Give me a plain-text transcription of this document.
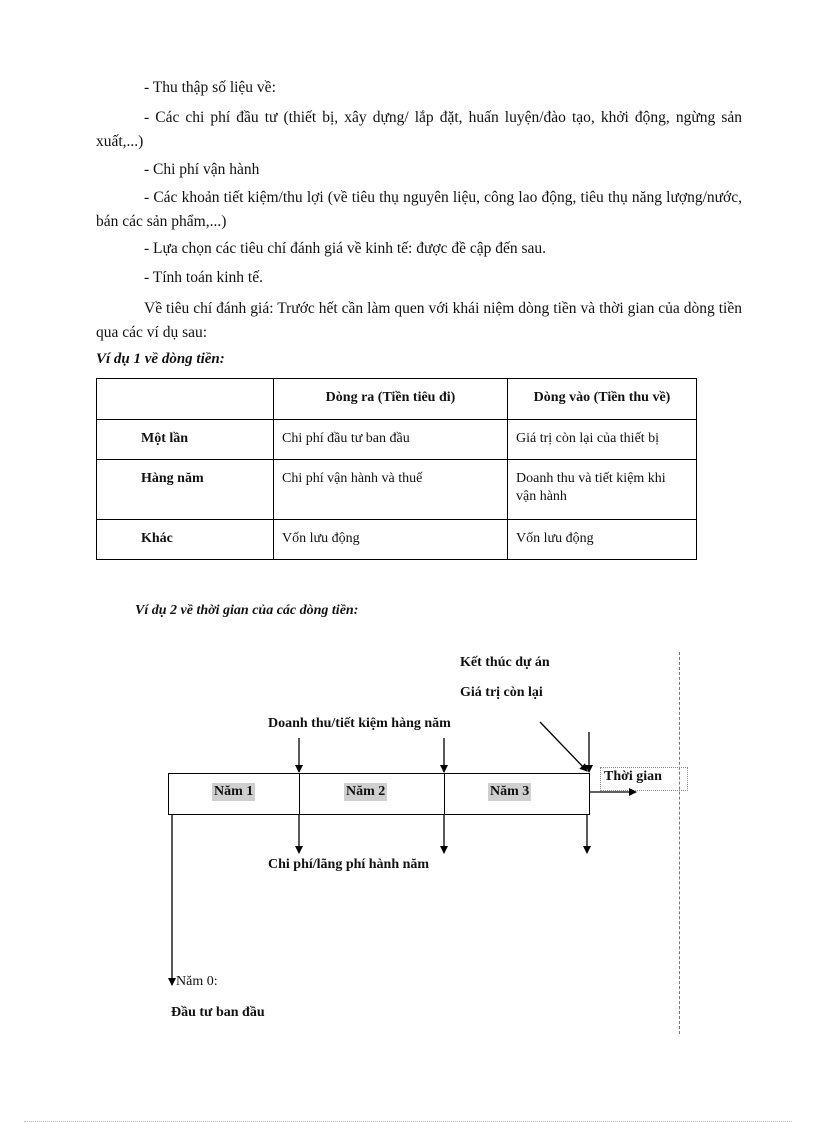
- Thu thập số liệu về:
- Các chi phí đầu tư (thiết bị, xây dựng/ lắp đặt, huấn luyện/đào tạo, khởi động, ngừng sản xuất,...)
- Chi phí vận hành
- Các khoản tiết kiệm/thu lợi (về tiêu thụ nguyên liệu, công lao động, tiêu thụ năng lượng/nước, bán các sản phẩm,...)
- Lựa chọn các tiêu chí đánh giá về kinh tế: được đề cập đến sau.
- Tính toán kinh tế.
Về tiêu chí đánh giá: Trước hết cần làm quen với khái niệm dòng tiền và thời gian của dòng tiền qua các ví dụ sau:
Ví dụ 1 về dòng tiền:
	Dòng ra (Tiền tiêu đi)	Dòng vào (Tiền thu về)
Một lần	Chi phí đầu tư ban đầu	Giá trị còn lại của thiết bị
Hàng năm	Chi phí vận hành và thuế	Doanh thu và tiết kiệm khi vận hành
Khác	Vốn lưu động	Vốn lưu động
Ví dụ 2 về thời gian của các dòng tiền:
Kết thúc dự án
Giá trị còn lại
Doanh thu/tiết kiệm hàng năm
Năm 1	Năm 2	Năm 3
Thời gian
Chi phí/lãng phí hành năm
Năm 0:
Đầu tư ban đầu
